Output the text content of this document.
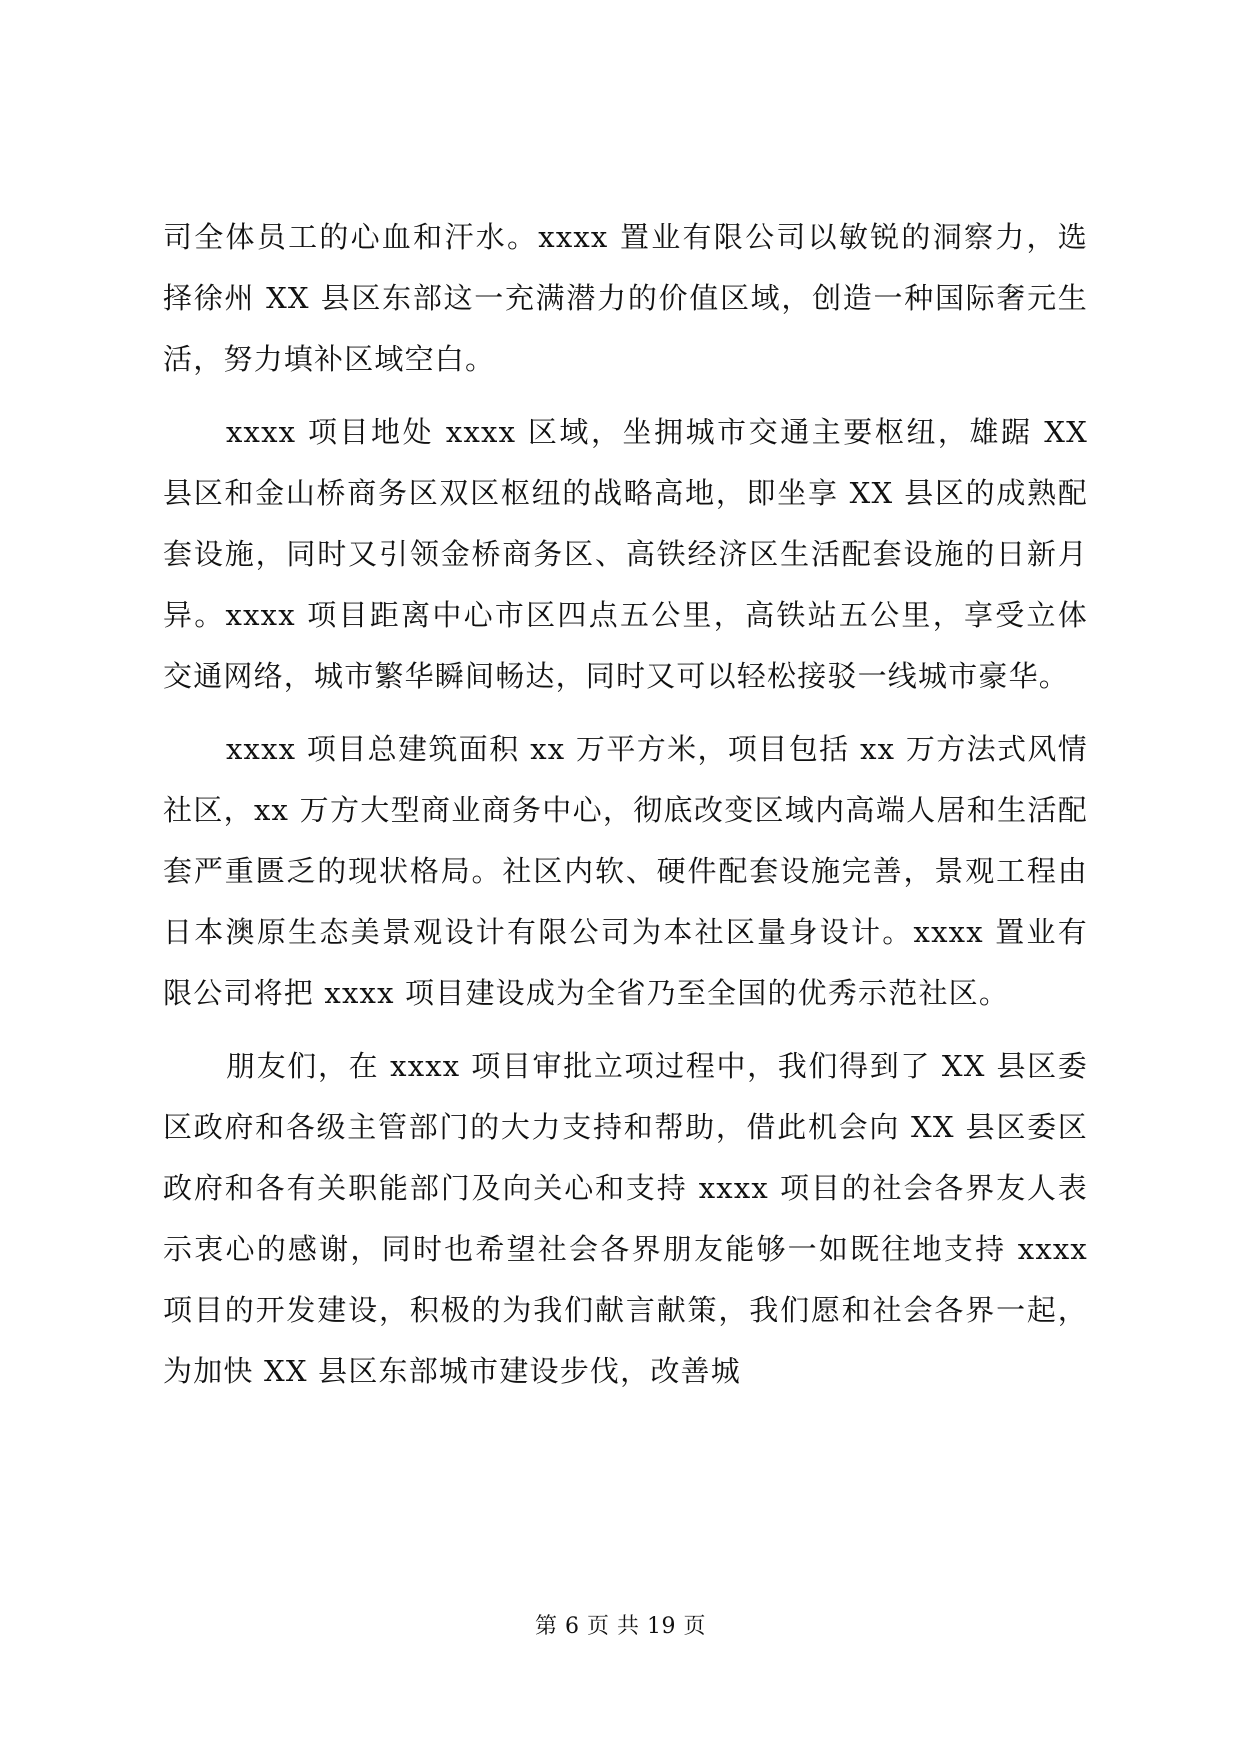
司全体员工的心血和汗水。xxxx 置业有限公司以敏锐的洞察力，选择徐州 XX 县区东部这一充满潜力的价值区域，创造一种国际奢元生活，努力填补区域空白。

xxxx 项目地处 xxxx 区域，坐拥城市交通主要枢纽，雄踞 XX 县区和金山桥商务区双区枢纽的战略高地，即坐享 XX 县区的成熟配套设施，同时又引领金桥商务区、高铁经济区生活配套设施的日新月异。xxxx 项目距离中心市区四点五公里，高铁站五公里，享受立体交通网络，城市繁华瞬间畅达，同时又可以轻松接驳一线城市豪华。

xxxx 项目总建筑面积 xx 万平方米，项目包括 xx 万方法式风情社区，xx 万方大型商业商务中心，彻底改变区域内高端人居和生活配套严重匮乏的现状格局。社区内软、硬件配套设施完善，景观工程由日本澳原生态美景观设计有限公司为本社区量身设计。xxxx 置业有限公司将把 xxxx 项目建设成为全省乃至全国的优秀示范社区。

朋友们，在 xxxx 项目审批立项过程中，我们得到了 XX 县区委区政府和各级主管部门的大力支持和帮助，借此机会向 XX 县区委区政府和各有关职能部门及向关心和支持 xxxx 项目的社会各界友人表示衷心的感谢，同时也希望社会各界朋友能够一如既往地支持 xxxx 项目的开发建设，积极的为我们献言献策，我们愿和社会各界一起，为加快 XX 县区东部城市建设步伐，改善城

第 6 页 共 19 页
